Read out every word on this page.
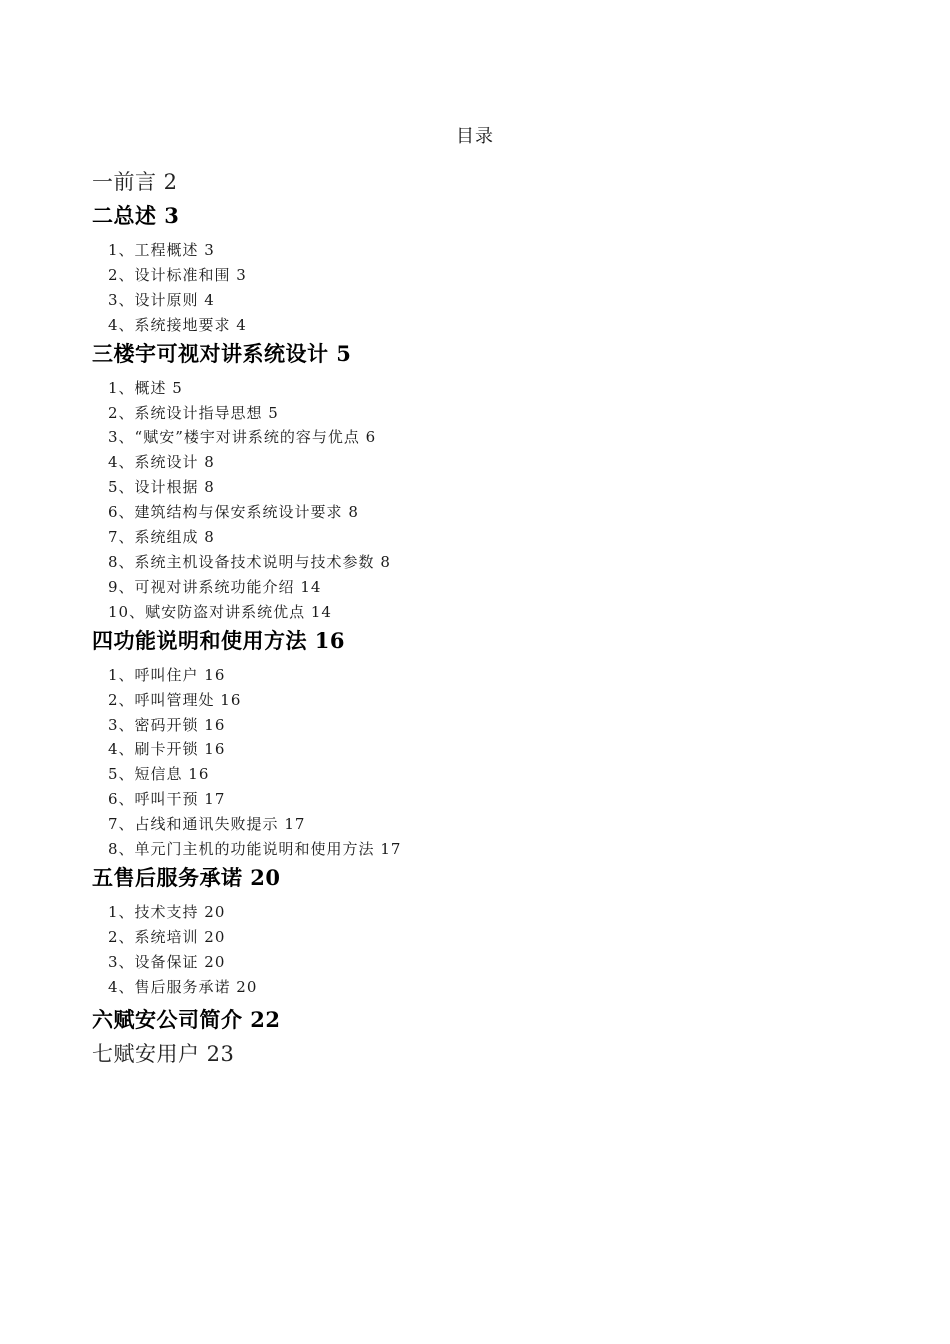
目录
一前言 2
二总述 3
1、工程概述 3
2、设计标准和围 3
3、设计原则 4
4、系统接地要求 4
三楼宇可视对讲系统设计 5
1、概述 5
2、系统设计指导思想 5
3、“赋安”楼宇对讲系统的容与优点 6
4、系统设计 8
5、设计根据 8
6、建筑结构与保安系统设计要求 8
7、系统组成 8
8、系统主机设备技术说明与技术参数 8
9、可视对讲系统功能介绍 14
10、赋安防盗对讲系统优点 14
四功能说明和使用方法 16
1、呼叫住户 16
2、呼叫管理处 16
3、密码开锁 16
4、刷卡开锁 16
5、短信息 16
6、呼叫干预 17
7、占线和通讯失败提示 17
8、单元门主机的功能说明和使用方法 17
五售后服务承诺 20
1、技术支持 20
2、系统培训 20
3、设备保证 20
4、售后服务承诺 20
六赋安公司简介 22
七赋安用户 23
